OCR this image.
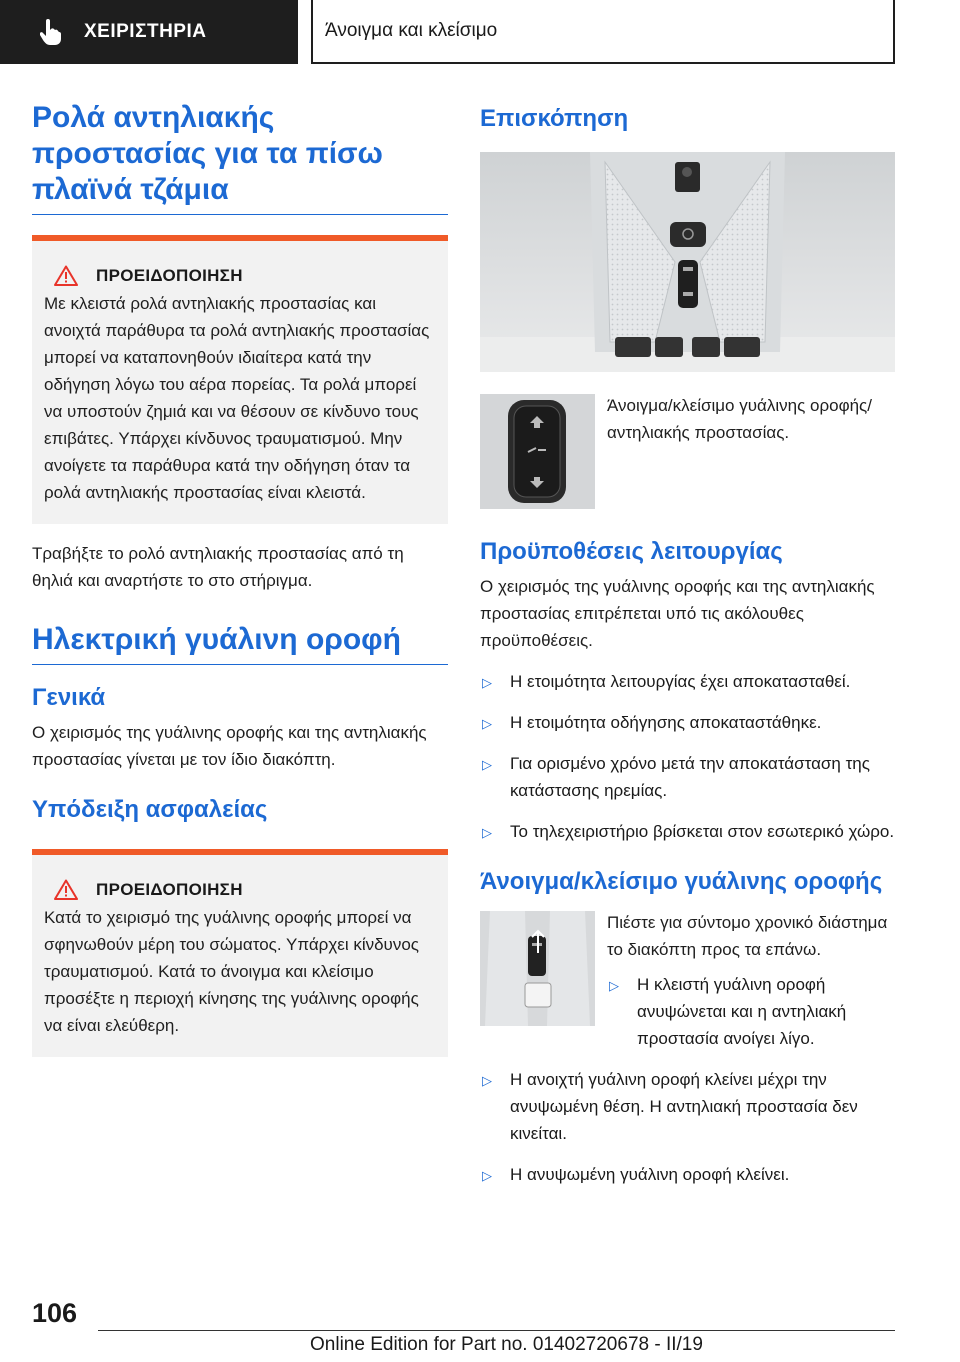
ΧΕΙΡΙΣΤΗΡΙΑ	Άνοιγμα και κλείσιμο
Ρολά αντηλιακής προστασίας για τα πίσω πλαϊνά τζάμια
ΠΡΟΕΙΔΟΠΟΙΗΣΗ
Με κλειστά ρολά αντηλιακής προστασίας και ανοιχτά παράθυρα τα ρολά αντηλιακής προστασίας μπορεί να καταπονηθούν ιδιαίτερα κατά την οδήγηση λόγω του αέρα πορείας. Τα ρολά μπορεί να υποστούν ζημιά και να θέσουν σε κίνδυνο τους επιβάτες. Υπάρχει κίνδυνος τραυματισμού. Μην ανοίγετε τα παράθυρα κατά την οδήγηση όταν τα ρολά αντηλιακής προστασίας είναι κλειστά.
Τραβήξτε το ρολό αντηλιακής προστασίας από τη θηλιά και αναρτήστε το στο στήριγμα.
Ηλεκτρική γυάλινη οροφή
Γενικά
Ο χειρισμός της γυάλινης οροφής και της αντηλιακής προστασίας γίνεται με τον ίδιο διακόπτη.
Υπόδειξη ασφαλείας
ΠΡΟΕΙΔΟΠΟΙΗΣΗ
Κατά το χειρισμό της γυάλινης οροφής μπορεί να σφηνωθούν μέρη του σώματος. Υπάρχει κίνδυνος τραυματισμού. Κατά το άνοιγμα και κλείσιμο προσέξτε η περιοχή κίνησης της γυάλινης οροφής να είναι ελεύθερη.
Επισκόπηση
Άνοιγμα/κλείσιμο γυάλινης οροφής/αντηλιακής προστασίας.
Προϋποθέσεις λειτουργίας
Ο χειρισμός της γυάλινης οροφής και της αντηλιακής προστασίας επιτρέπεται υπό τις ακόλουθες προϋποθέσεις.
▷ Η ετοιμότητα λειτουργίας έχει αποκατασταθεί.
▷ Η ετοιμότητα οδήγησης αποκαταστάθηκε.
▷ Για ορισμένο χρόνο μετά την αποκατάσταση της κατάστασης ηρεμίας.
▷ Το τηλεχειριστήριο βρίσκεται στον εσωτερικό χώρο.
Άνοιγμα/κλείσιμο γυάλινης οροφής
Πιέστε για σύντομο χρονικό διάστημα το διακόπτη προς τα επάνω.
▷ Η κλειστή γυάλινη οροφή ανυψώνεται και η αντηλιακή προστασία ανοίγει λίγο.
▷ Η ανοιχτή γυάλινη οροφή κλείνει μέχρι την ανυψωμένη θέση. Η αντηλιακή προστασία δεν κινείται.
▷ Η ανυψωμένη γυάλινη οροφή κλείνει.
106
Online Edition for Part no. 01402720678 - II/19
